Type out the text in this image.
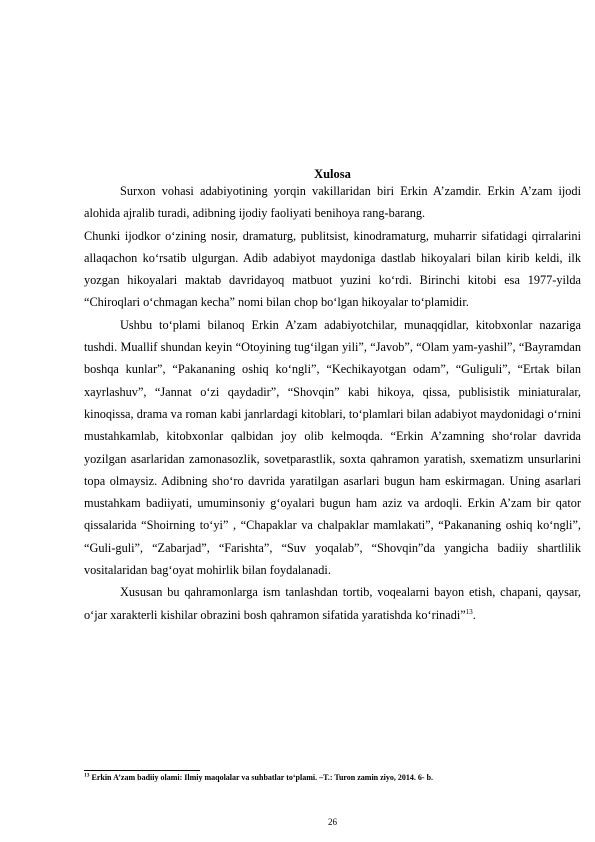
Xulosa

Surxon vohasi adabiyotining yorqin vakillaridan biri Erkin A’zamdir. Erkin A’zam ijodi alohida ajralib turadi, adibning ijodiy faoliyati benihoya rang-barang.

Chunki ijodkor oʻzining nosir, dramaturg, publitsist, kinodramaturg, muharrir sifatidagi qirralarini allaqachon koʻrsatib ulgurgan. Adib adabiyot maydoniga dastlab hikoyalari bilan kirib keldi, ilk yozgan hikoyalari maktab davridayoq matbuot yuzini koʻrdi. Birinchi kitobi esa 1977-yilda “Chiroqlari oʻchmagan kecha” nomi bilan chop boʻlgan hikoyalar toʻplamidir.

Ushbu toʻplami bilanoq Erkin A’zam adabiyotchilar, munaqqidlar, kitobxonlar nazariga tushdi. Muallif shundan keyin “Otoyining tugʻilgan yili”, “Javob”, “Olam yam-yashil”, “Bayramdan boshqa kunlar”, “Pakananing oshiq koʻngli”, “Kechikayotgan odam”, “Guliguli”, “Ertak bilan xayrlashuv”, “Jannat oʻzi qaydadir”, “Shovqin” kabi hikoya, qissa, publisistik miniaturalar, kinoqissa, drama va roman kabi janrlardagi kitoblari, toʻplamlari bilan adabiyot maydonidagi oʻrnini mustahkamlab, kitobxonlar qalbidan joy olib kelmoqda. “Erkin A’zamning shoʻrolar davrida yozilgan asarlaridan zamonasozlik, sovetparastlik, soxta qahramon yaratish, sxematizm unsurlarini topa olmaysiz. Adibning shoʻro davrida yaratilgan asarlari bugun ham eskirmagan. Uning asarlari mustahkam badiiyati, umuminsoniy gʻoyalari bugun ham aziz va ardoqli. Erkin A’zam bir qator qissalarida “Shoirning toʻyi” , “Chapaklar va chalpaklar mamlakati”, “Pakananing oshiq koʻngli”, “Guli-guli”, “Zabarjad”, “Farishta”, “Suv yoqalab”, “Shovqin”da yangicha badiiy shartlilik vositalaridan bagʻoyat mohirlik bilan foydalanadi.

Xususan bu qahramonlarga ism tanlashdan tortib, voqealarni bayon etish, chapani, qaysar, oʻjar xarakterli kishilar obrazini bosh qahramon sifatida yaratishda koʻrinadi”$^{13}$.

$^{13}$ Erkin A’zam badiiy olami: Ilmiy maqolalar va suhbatlar toʻplami. –T.: Turon zamin ziyo, 2014. 6- b.
26
